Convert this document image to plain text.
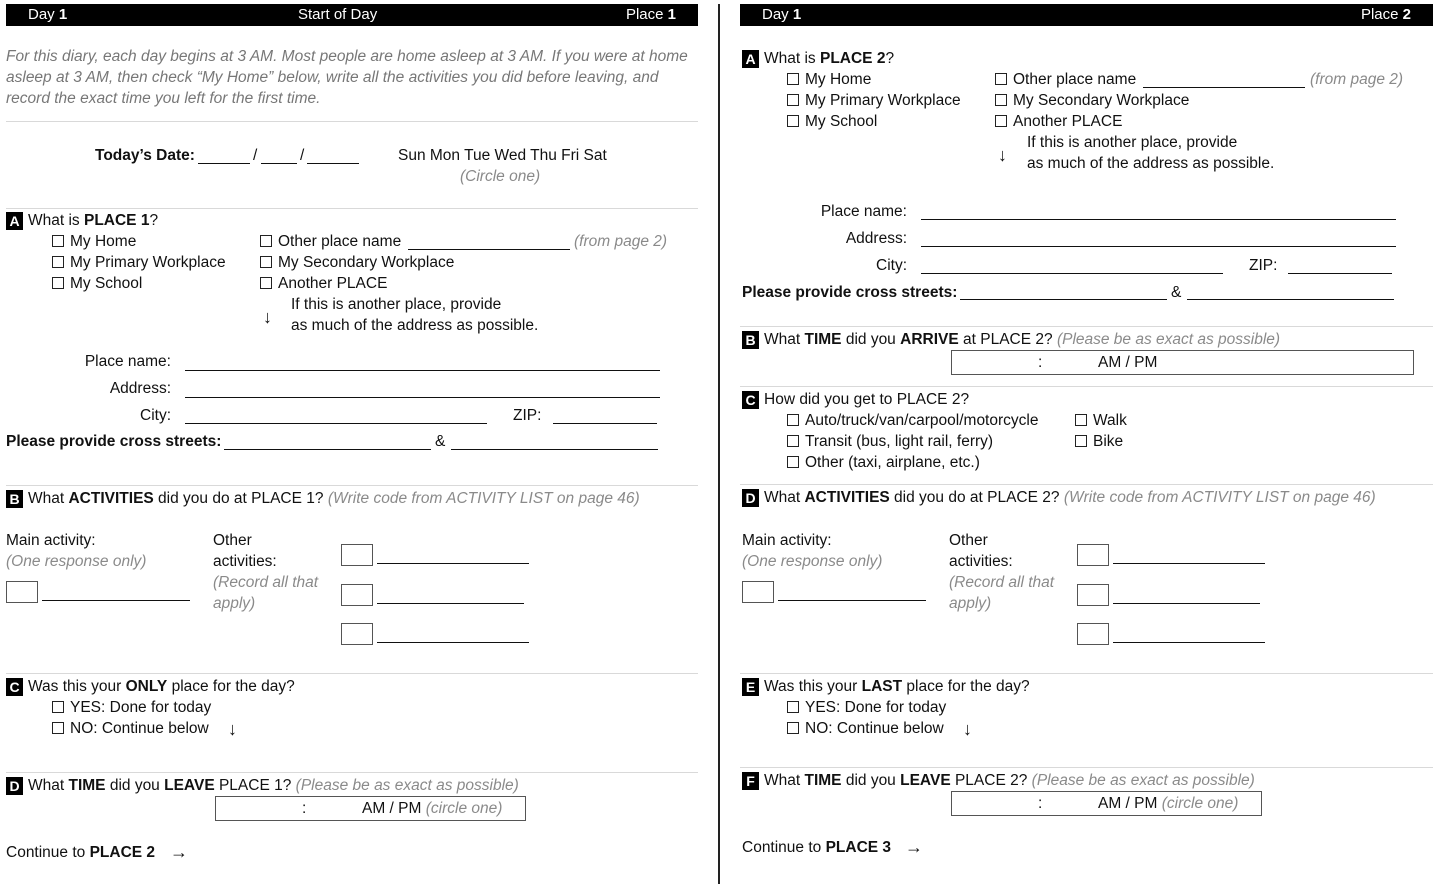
Day 1	Start of Day	Place 1
For this diary, each day begins at 3 AM. Most people are home asleep at 3 AM. If you were at home asleep at 3 AM, then check “My Home” below, write all the activities you did before leaving, and record the exact time you left for the first time.
Today’s Date:	/	/	Sun Mon Tue Wed Thu Fri Sat
(Circle one)
A What is PLACE 1?
My Home
My Primary Workplace
My School
Other place name	(from page 2)
My Secondary Workplace
Another PLACE
↓
If this is another place, provide
as much of the address as possible.
Place name:
Address:
City:	ZIP:
Please provide cross streets:	&
B What ACTIVITIES did you do at PLACE 1? (Write code from ACTIVITY LIST on page 46)
Main activity:
(One response only)
Other
activities:
(Record all that
apply)
C Was this your ONLY place for the day?
YES: Done for today
NO: Continue below ↓
D What TIME did you LEAVE PLACE 1? (Please be as exact as possible)
:	AM / PM (circle one)
Continue to PLACE 2 →
Day 1	Place 2
A What is PLACE 2?
My Home
My Primary Workplace
My School
Other place name	(from page 2)
My Secondary Workplace
Another PLACE
↓
If this is another place, provide
as much of the address as possible.
Place name:
Address:
City:	ZIP:
Please provide cross streets:	&
B What TIME did you ARRIVE at PLACE 2? (Please be as exact as possible)
:	AM / PM
C How did you get to PLACE 2?
Auto/truck/van/carpool/motorcycle
Transit (bus, light rail, ferry)
Other (taxi, airplane, etc.)
Walk
Bike
D What ACTIVITIES did you do at PLACE 2? (Write code from ACTIVITY LIST on page 46)
Main activity:
(One response only)
Other
activities:
(Record all that
apply)
E Was this your LAST place for the day?
YES: Done for today
NO: Continue below ↓
F What TIME did you LEAVE PLACE 2? (Please be as exact as possible)
:	AM / PM (circle one)
Continue to PLACE 3 →
